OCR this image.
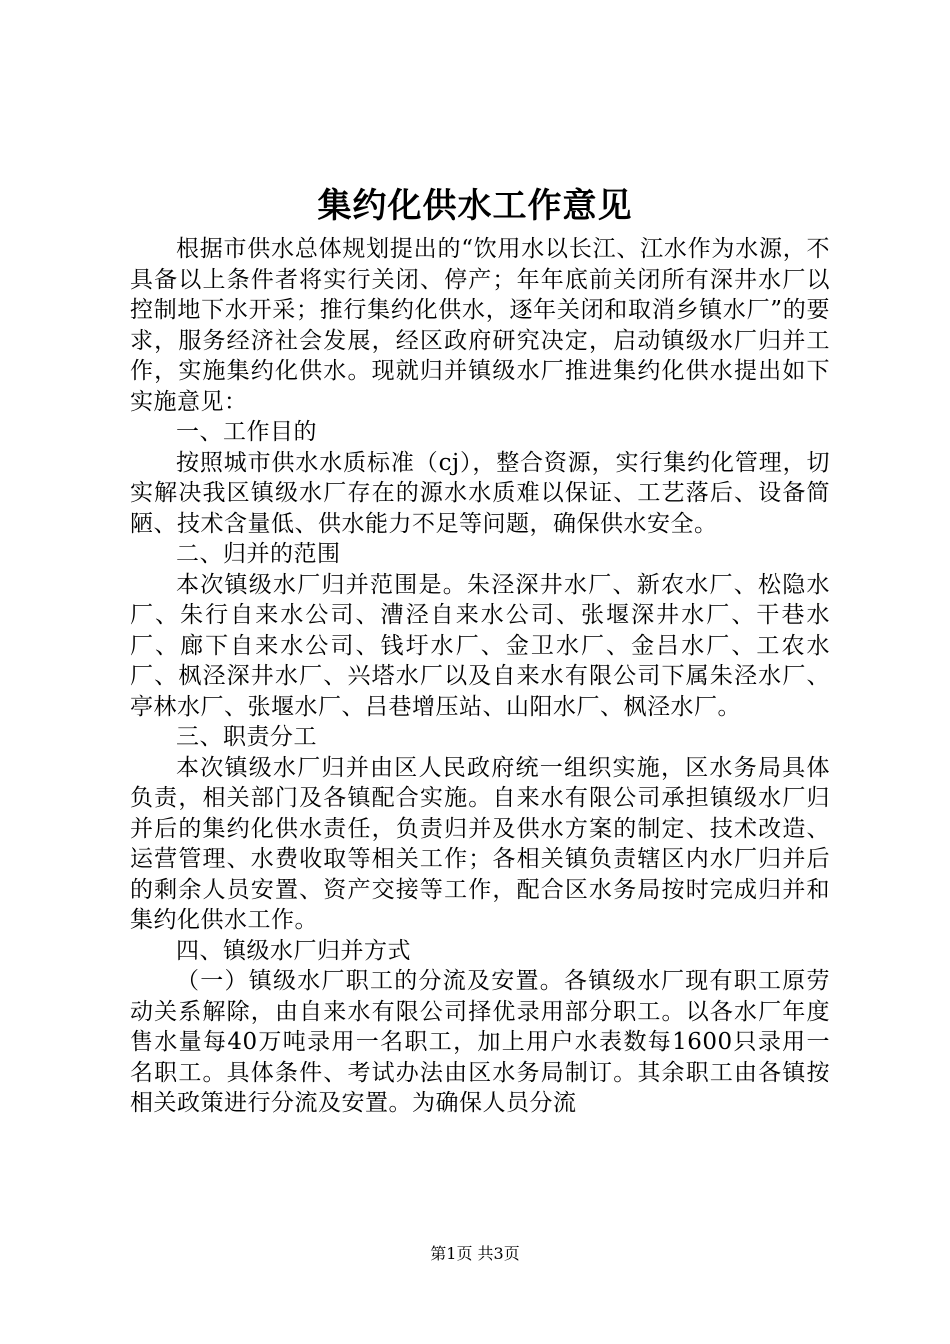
集约化供水工作意见

根据市供水总体规划提出的“饮用水以长江、江水作为水源，不具备以上条件者将实行关闭、停产；年年底前关闭所有深井水厂以控制地下水开采；推行集约化供水，逐年关闭和取消乡镇水厂”的要求，服务经济社会发展，经区政府研究决定，启动镇级水厂归并工作，实施集约化供水。现就归并镇级水厂推进集约化供水提出如下实施意见：

一、工作目的

按照城市供水水质标准（cj），整合资源，实行集约化管理，切实解决我区镇级水厂存在的源水水质难以保证、工艺落后、设备简陋、技术含量低、供水能力不足等问题，确保供水安全。

二、归并的范围

本次镇级水厂归并范围是。朱泾深井水厂、新农水厂、松隐水厂、朱行自来水公司、漕泾自来水公司、张堰深井水厂、干巷水厂、廊下自来水公司、钱圩水厂、金卫水厂、金吕水厂、工农水厂、枫泾深井水厂、兴塔水厂以及自来水有限公司下属朱泾水厂、亭林水厂、张堰水厂、吕巷增压站、山阳水厂、枫泾水厂。

三、职责分工

本次镇级水厂归并由区人民政府统一组织实施，区水务局具体负责，相关部门及各镇配合实施。自来水有限公司承担镇级水厂归并后的集约化供水责任，负责归并及供水方案的制定、技术改造、运营管理、水费收取等相关工作；各相关镇负责辖区内水厂归并后的剩余人员安置、资产交接等工作，配合区水务局按时完成归并和集约化供水工作。

四、镇级水厂归并方式

（一）镇级水厂职工的分流及安置。各镇级水厂现有职工原劳动关系解除，由自来水有限公司择优录用部分职工。以各水厂年度售水量每40万吨录用一名职工，加上用户水表数每1600只录用一名职工。具体条件、考试办法由区水务局制订。其余职工由各镇按相关政策进行分流及安置。为确保人员分流

第1页 共3页
